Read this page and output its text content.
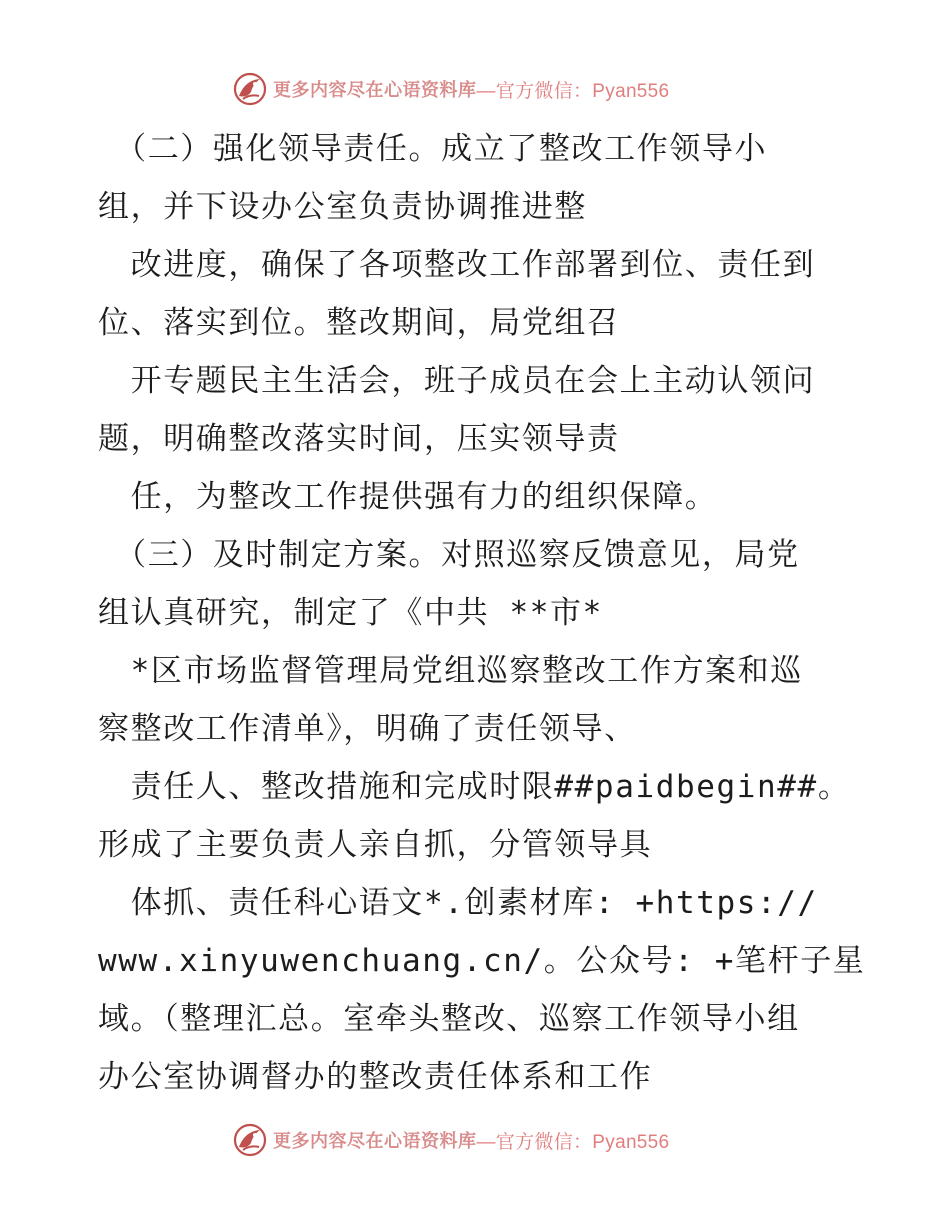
更多内容尽在心语资料库 —官方微信：Pyan556
　（二）强化领导责任。成立了整改工作领导小
组，并下设办公室负责协调推进整
　改进度，确保了各项整改工作部署到位、责任到
位、落实到位。整改期间，局党组召
　开专题民主生活会，班子成员在会上主动认领问
题，明确整改落实时间，压实领导责
　任，为整改工作提供强有力的组织保障。
　（三）及时制定方案。对照巡察反馈意见，局党
组认真研究，制定了《中共 **市*
　*区市场监督管理局党组巡察整改工作方案和巡
察整改工作清单》，明确了责任领导、
　责任人、整改措施和完成时限##paidbegin##。
形成了主要负责人亲自抓，分管领导具
　体抓、责任科心语文*.创素材库: +https://
www.xinyuwenchuang.cn/。公众号: +笔杆子星
域。（整理汇总。室牵头整改、巡察工作领导小组
办公室协调督办的整改责任体系和工作
更多内容尽在心语资料库 —官方微信：Pyan556
